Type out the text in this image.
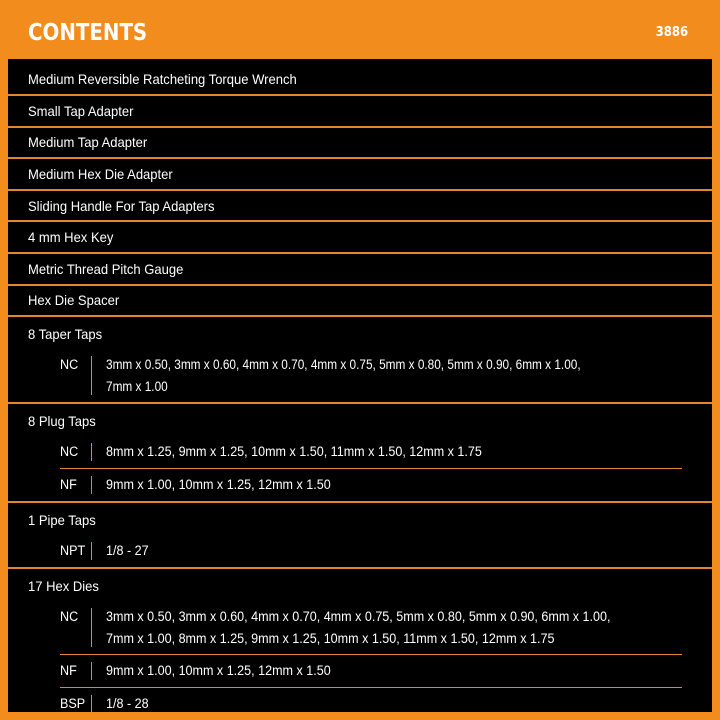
CONTENTS	3886
Medium Reversible Ratcheting Torque Wrench
Small Tap Adapter
Medium Tap Adapter
Medium Hex Die Adapter
Sliding Handle For Tap Adapters
4 mm Hex Key
Metric Thread Pitch Gauge
Hex Die Spacer
8 Taper Taps
NC	3mm x 0.50, 3mm x 0.60, 4mm x 0.70, 4mm x 0.75, 5mm x 0.80, 5mm x 0.90, 6mm x 1.00, 7mm x 1.00
8 Plug Taps
NC	8mm x 1.25, 9mm x 1.25, 10mm x 1.50, 11mm x 1.50, 12mm x 1.75
NF	9mm x 1.00, 10mm x 1.25, 12mm x 1.50
1 Pipe Taps
NPT	1/8 - 27
17 Hex Dies
NC	3mm x 0.50, 3mm x 0.60, 4mm x 0.70, 4mm x 0.75, 5mm x 0.80, 5mm x 0.90, 6mm x 1.00,
7mm x 1.00, 8mm x 1.25, 9mm x 1.25, 10mm x 1.50, 11mm x 1.50, 12mm x 1.75
NF	9mm x 1.00, 10mm x 1.25, 12mm x 1.50
BSP	1/8 - 28
